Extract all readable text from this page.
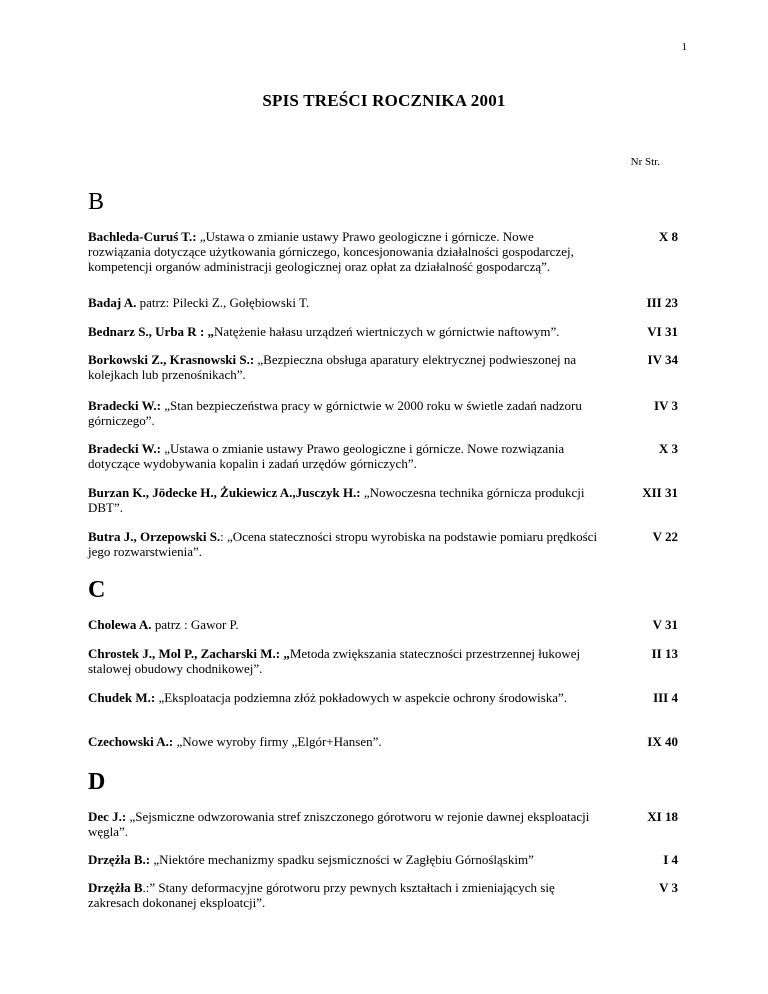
1
SPIS TREŚCI ROCZNIKA 2001
Nr Str.
B
Bachleda-Curuś T.: „Ustawa o zmianie ustawy Prawo geologiczne i górnicze. Nowe rozwiązania dotyczące użytkowania górniczego, koncesjonowania działalności gospodarczej, kompetencji organów administracji geologicznej oraz opłat za działalność gospodarczą”.
X 8
Badaj A. patrz: Pilecki Z., Gołębiowski T.	III 23
Bednarz S., Urba R : „Natężenie hałasu urządzeń wiertniczych w górnictwie naftowym”.	VI 31
Borkowski Z., Krasnowski S.: „Bezpieczna obsługa aparatury elektrycznej podwieszonej na kolejkach lub przenośnikach”.
IV 34
Bradecki W.: „Stan bezpieczeństwa pracy w górnictwie w 2000 roku w świetle zadań nadzoru górniczego”.
IV 3
Bradecki W.: „Ustawa o zmianie ustawy Prawo geologiczne i górnicze. Nowe rozwiązania dotyczące wydobywania kopalin i zadań urzędów górniczych”.
X 3
Burzan K., Jödecke H., Żukiewicz A.,Jusczyk H.: „Nowoczesna technika górnicza produkcji DBT”.
XII 31
Butra J., Orzepowski S.: „Ocena stateczności stropu wyrobiska na podstawie pomiaru prędkości jego rozwarstwienia”.
V 22
C
Cholewa A. patrz : Gawor P.	V 31
Chrostek J., Mol P., Zacharski M.: „Metoda zwiększania stateczności przestrzennej łukowej stalowej obudowy chodnikowej”.
II 13
Chudek M.: „Eksploatacja podziemna złóż pokładowych w aspekcie ochrony środowiska”.	III 4
Czechowski A.: „Nowe wyroby firmy „Elgór+Hansen”.	IX 40
D
Dec J.: „Sejsmiczne odwzorowania stref zniszczonego górotworu w rejonie dawnej eksploatacji węgla”.
XI 18
Drzężła B.: „Niektóre mechanizmy spadku sejsmiczności w Zagłębiu Górnośląskim”	I 4
Drzężła B.:” Stany deformacyjne górotworu przy pewnych kształtach i zmieniających się zakresach dokonanej eksploatcji”.
V 3
